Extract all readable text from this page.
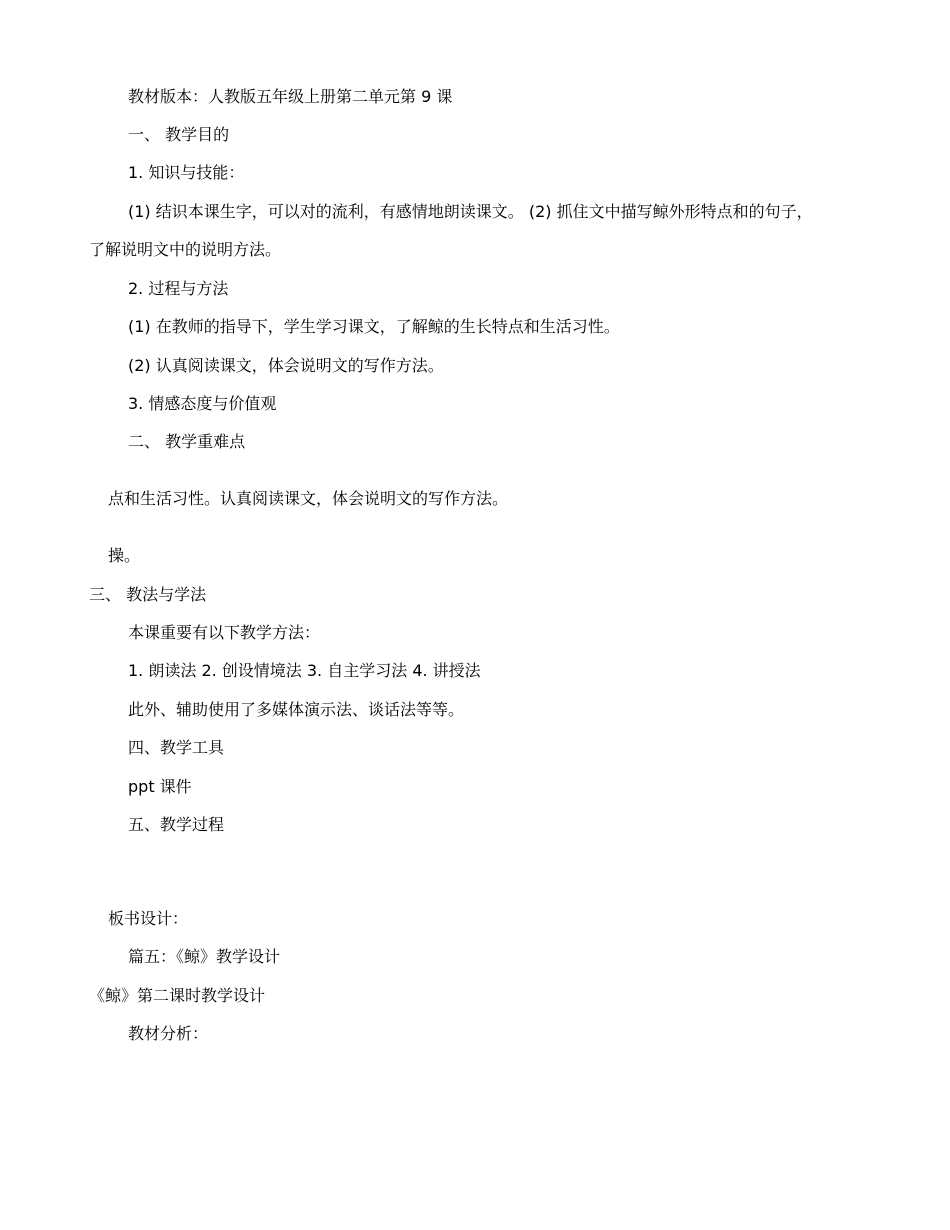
教材版本：人教版五年级上册第二单元第 9 课
一、 教学目的
1. 知识与技能：
(1) 结识本课生字，可以对的流利，有感情地朗读课文。 (2) 抓住文中描写鲸外形特点和的句子，
了解说明文中的说明方法。
2. 过程与方法
(1) 在教师的指导下，学生学习课文，了解鲸的生长特点和生活习性。
(2) 认真阅读课文，体会说明文的写作方法。
3. 情感态度与价值观
二、 教学重难点
点和生活习性。认真阅读课文，体会说明文的写作方法。
操。
三、 教法与学法
本课重要有以下教学方法：
1. 朗读法 2. 创设情境法 3. 自主学习法 4. 讲授法
此外、辅助使用了多媒体演示法、谈话法等等。
四、教学工具
ppt 课件
五、教学过程
板书设计：
篇五：《鲸》教学设计
《鲸》第二课时教学设计
教材分析：
